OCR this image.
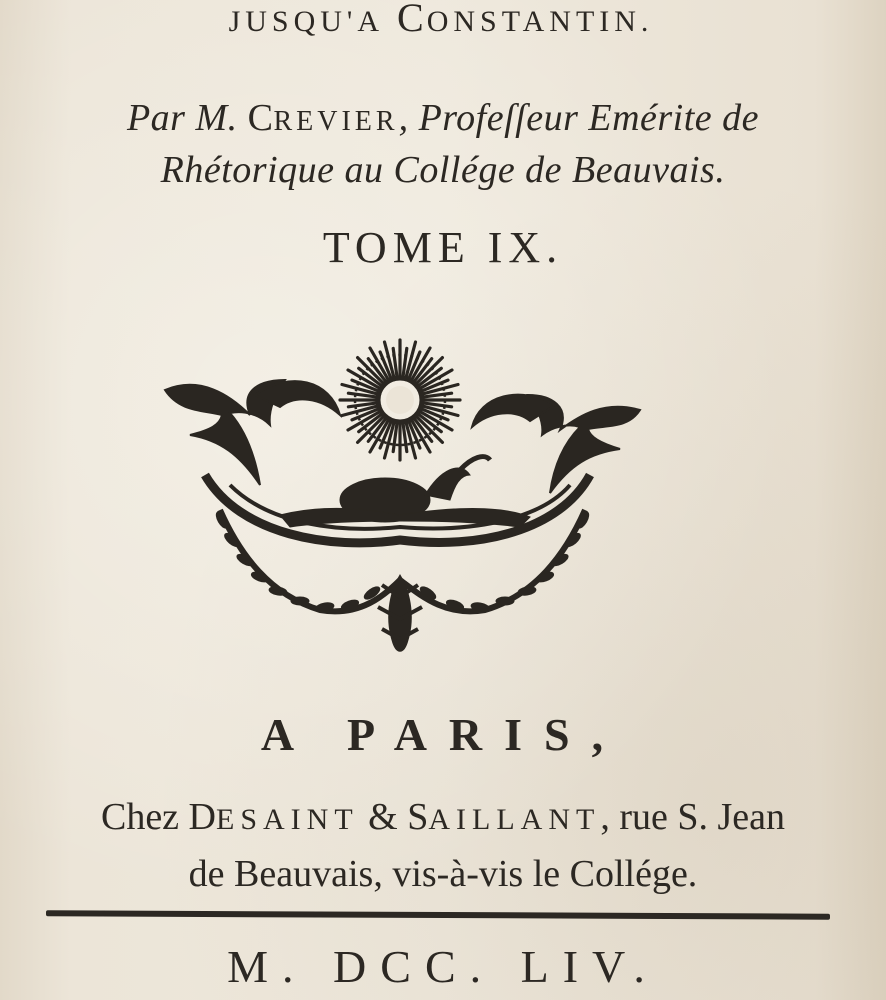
JUSQU'A CONSTANTIN.
Par M. CREVIER, Profeſſeur Emérite de
Rhétorique au Collége de Beauvais.
TOME IX.
A PARIS,
Chez DESAINT & SAILLANT, rue S. Jean
de Beauvais, vis-à-vis le Collége.
M. DCC. LIV.
